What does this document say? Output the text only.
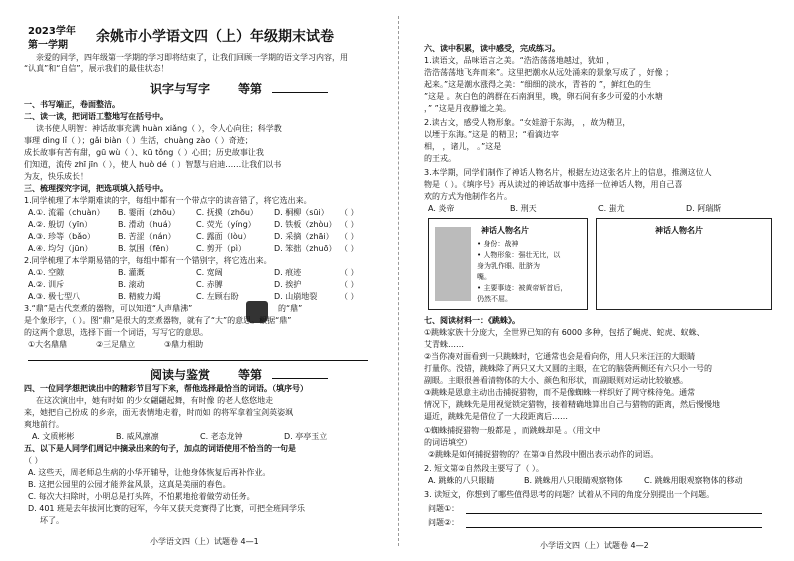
2023学年
第一学期
余姚市小学语文四（上）年级期末试卷
亲爱的同学，四年级第一学期的学习即将结束了，让我们回顾一学期的语文学习内容，用
“认真”和“自信”，展示我们的最佳状态！
识字与写字 等第
一、书写端正，卷面整洁。
二、读一读，把词语工整地写在括号中。
读书使人明智：神话故事充满 huàn xiǎng（ ），令人心向往；科学教
事理 dìng lǐ（ ）；gǎi biàn（ ）生活，chuàng zào（ ）奇迹；
成长故事有苦有甜，gū wù（ ）、kū tǒng（ ）心田；历史故事让我
们知道，流传 zhī jīn（ ），使人 huò dé（ ）智慧与启迪……让我们以书
为友，快乐成长！
三、梳理探究字词，把选项填入括号中。
1.同学梳理了本学期难读的字，每组中都有一个带点字的读音错了，将它选出来。
A.①. 流霜（chuàn） B. 霎雨（zhōu） C. 抚摸（zhōu） D. 桐柳（sūi） （ ）
A.②. 般切（yīn）	B. 滑动（huá）	C. 荧光（yíng） D. 铁板（zhòu） （ ）
A.③. 珍等（bǎo）	B. 苦涩（nán）	C. 露面（lòu）	D. 采摘（zhāi） （ ）
A.④. 均匀（jūn）	B. 氛围（fēn）	C. 剪开（pì）	D. 笨拙（zhuō） （ ）
2.同学梳理了本学期易错的字，每组中都有一个错别字，将它选出来。
A.①. 空隙	B. 灌溉	C. 宽阔	D. 痕迹	（ ）
A.②. 训斥	B. 滚动	C. 赤膊	D. 挨护	（ ）
A.③. 极七型八	B. 精疲力竭	C. 左顾右盼	D. 山崩地裂	（ ）
3.“鼎”是古代烹煮的器物，可以知道“人声鼎沸”	的“鼎”
是个象形字，（ ）。图“鼎”是很大的烹煮器物，就有了“大”的意思。根据“鼎”
的这两个意思，选择下面一个词语，写写它的意思。
①大名鼎鼎	②三足鼎立	③鼎力相助
阅读与鉴赏 等第
四、一位同学想把读出中的精彩节目写下来，帮他选择最恰当的词语。（填序号）
在这次演出中，她有时如 的少女翩翩起舞，有时像 的老人悠悠地走
来，她把自己扮成 的乡亲，面无表情地走着，时而如 的将军拿着宝剑英姿飒
爽地前行。
A. 文质彬彬	B. 威风凛凛	C. 老态龙钟	D. 亭亭玉立
五、以下是人同学们周记中摘录出来的句子，加点的词语使用不恰当的一句是
（ ）
A. 这些天，周老师总生病的小华开辅导，让他身体恢复后再补作业。
B. 这把公园里的公园才能养盆风景，这真是美丽的春色。
C. 每次大扫除时，小明总是打头阵，不怕累地抢着做劳动任务。
D. 401 班是去年拔河比赛的冠军，今年又获天竞赛得了比赛，可把全班同学乐
坏了。
小学语文四（上）试题卷 4—1
六、读中积累，读中感受，完成练习。
1.读语文，品味语言之美。“浩浩荡荡地越过，犹如 ，
浩浩荡荡地飞奔而来”。这里把潮水从远处涌来的景象写成了 ，好像 ；
起来。”这是潮水涨得之美：“细细的淡水，青苔的 ”，鲜红色的生
”这是 。灰白色的鸽群在石南涧里，晚，卵石间有多少可爱的小水塘
，” ”这是月夜静谧之美。
2.读古文，感受人物形象。“女娃游于东海， ，故为精卫，
以堙于东海。”这是 的精卫；“看滴边宰
相， ，诸儿， 。”这是
的王戎。
3.本学期，同学们制作了神话人物名片，根据左边这张名片上的信息，推测这位人
物是（ ）。《填序号》再从读过的神话故事中选择一位神话人物，用自己喜
欢的方式为他制作名片。
A. 炎帝	B. 刑天	C. 蚩尤	D. 阿瑞斯
神话人物名片
• 身份：战神
• 人物形象：强壮无比，以
身为乳作眼、肚脐为
嘴。
• 主要事迹：被黄帝斩首后，
仍然不屈。
神话人物名片
七、阅读材料一：《跳蛛》。
①跳蛛家族十分庞大，全世界已知的有 6000 多种，包括了蝇虎、蛇虎、蚁蛛、
艾青蛛……
②当你凑对面看到一只跳蛛时，它通常也会是看向你，用人只米汪汪的大眼睛
打量你。没错，跳蛛除了两只又大又圆的主眼，在它的脑袋两侧还有六只小一号的
副眼。主眼很善看清物体的大小、颜色和形状，而副眼则对运动比较敏感。
③跳蛛是恩意主动出击捕捉猎物，而不是像蜘蛛一样织好了网守株待兔。通常
情况下，跳蛛先是用视觉锁定猎物，接着精确地算出自己与猎物的距离，然后慢慢地
逼近，跳蛛先是借位了一大段距离后……
①蜘蛛捕捉猎物一般都是 ，而跳蛛却是 。（用文中
的词语填空）
②跳蛛是如何捕捉猎物的？在第③自然段中圈出表示动作的词语。
2. 短文第②自然段主要写了（ ）。
A. 跳蛛的八只眼睛	B. 跳蛛用八只眼睛观察物体	C. 跳蛛用眼观察物体的移动
3. 读短文，你想到了哪些值得思考的问题？试着从不同的角度分别提出一个问题。
问题①：
问题②：
小学语文四（上）试题卷 4—2
